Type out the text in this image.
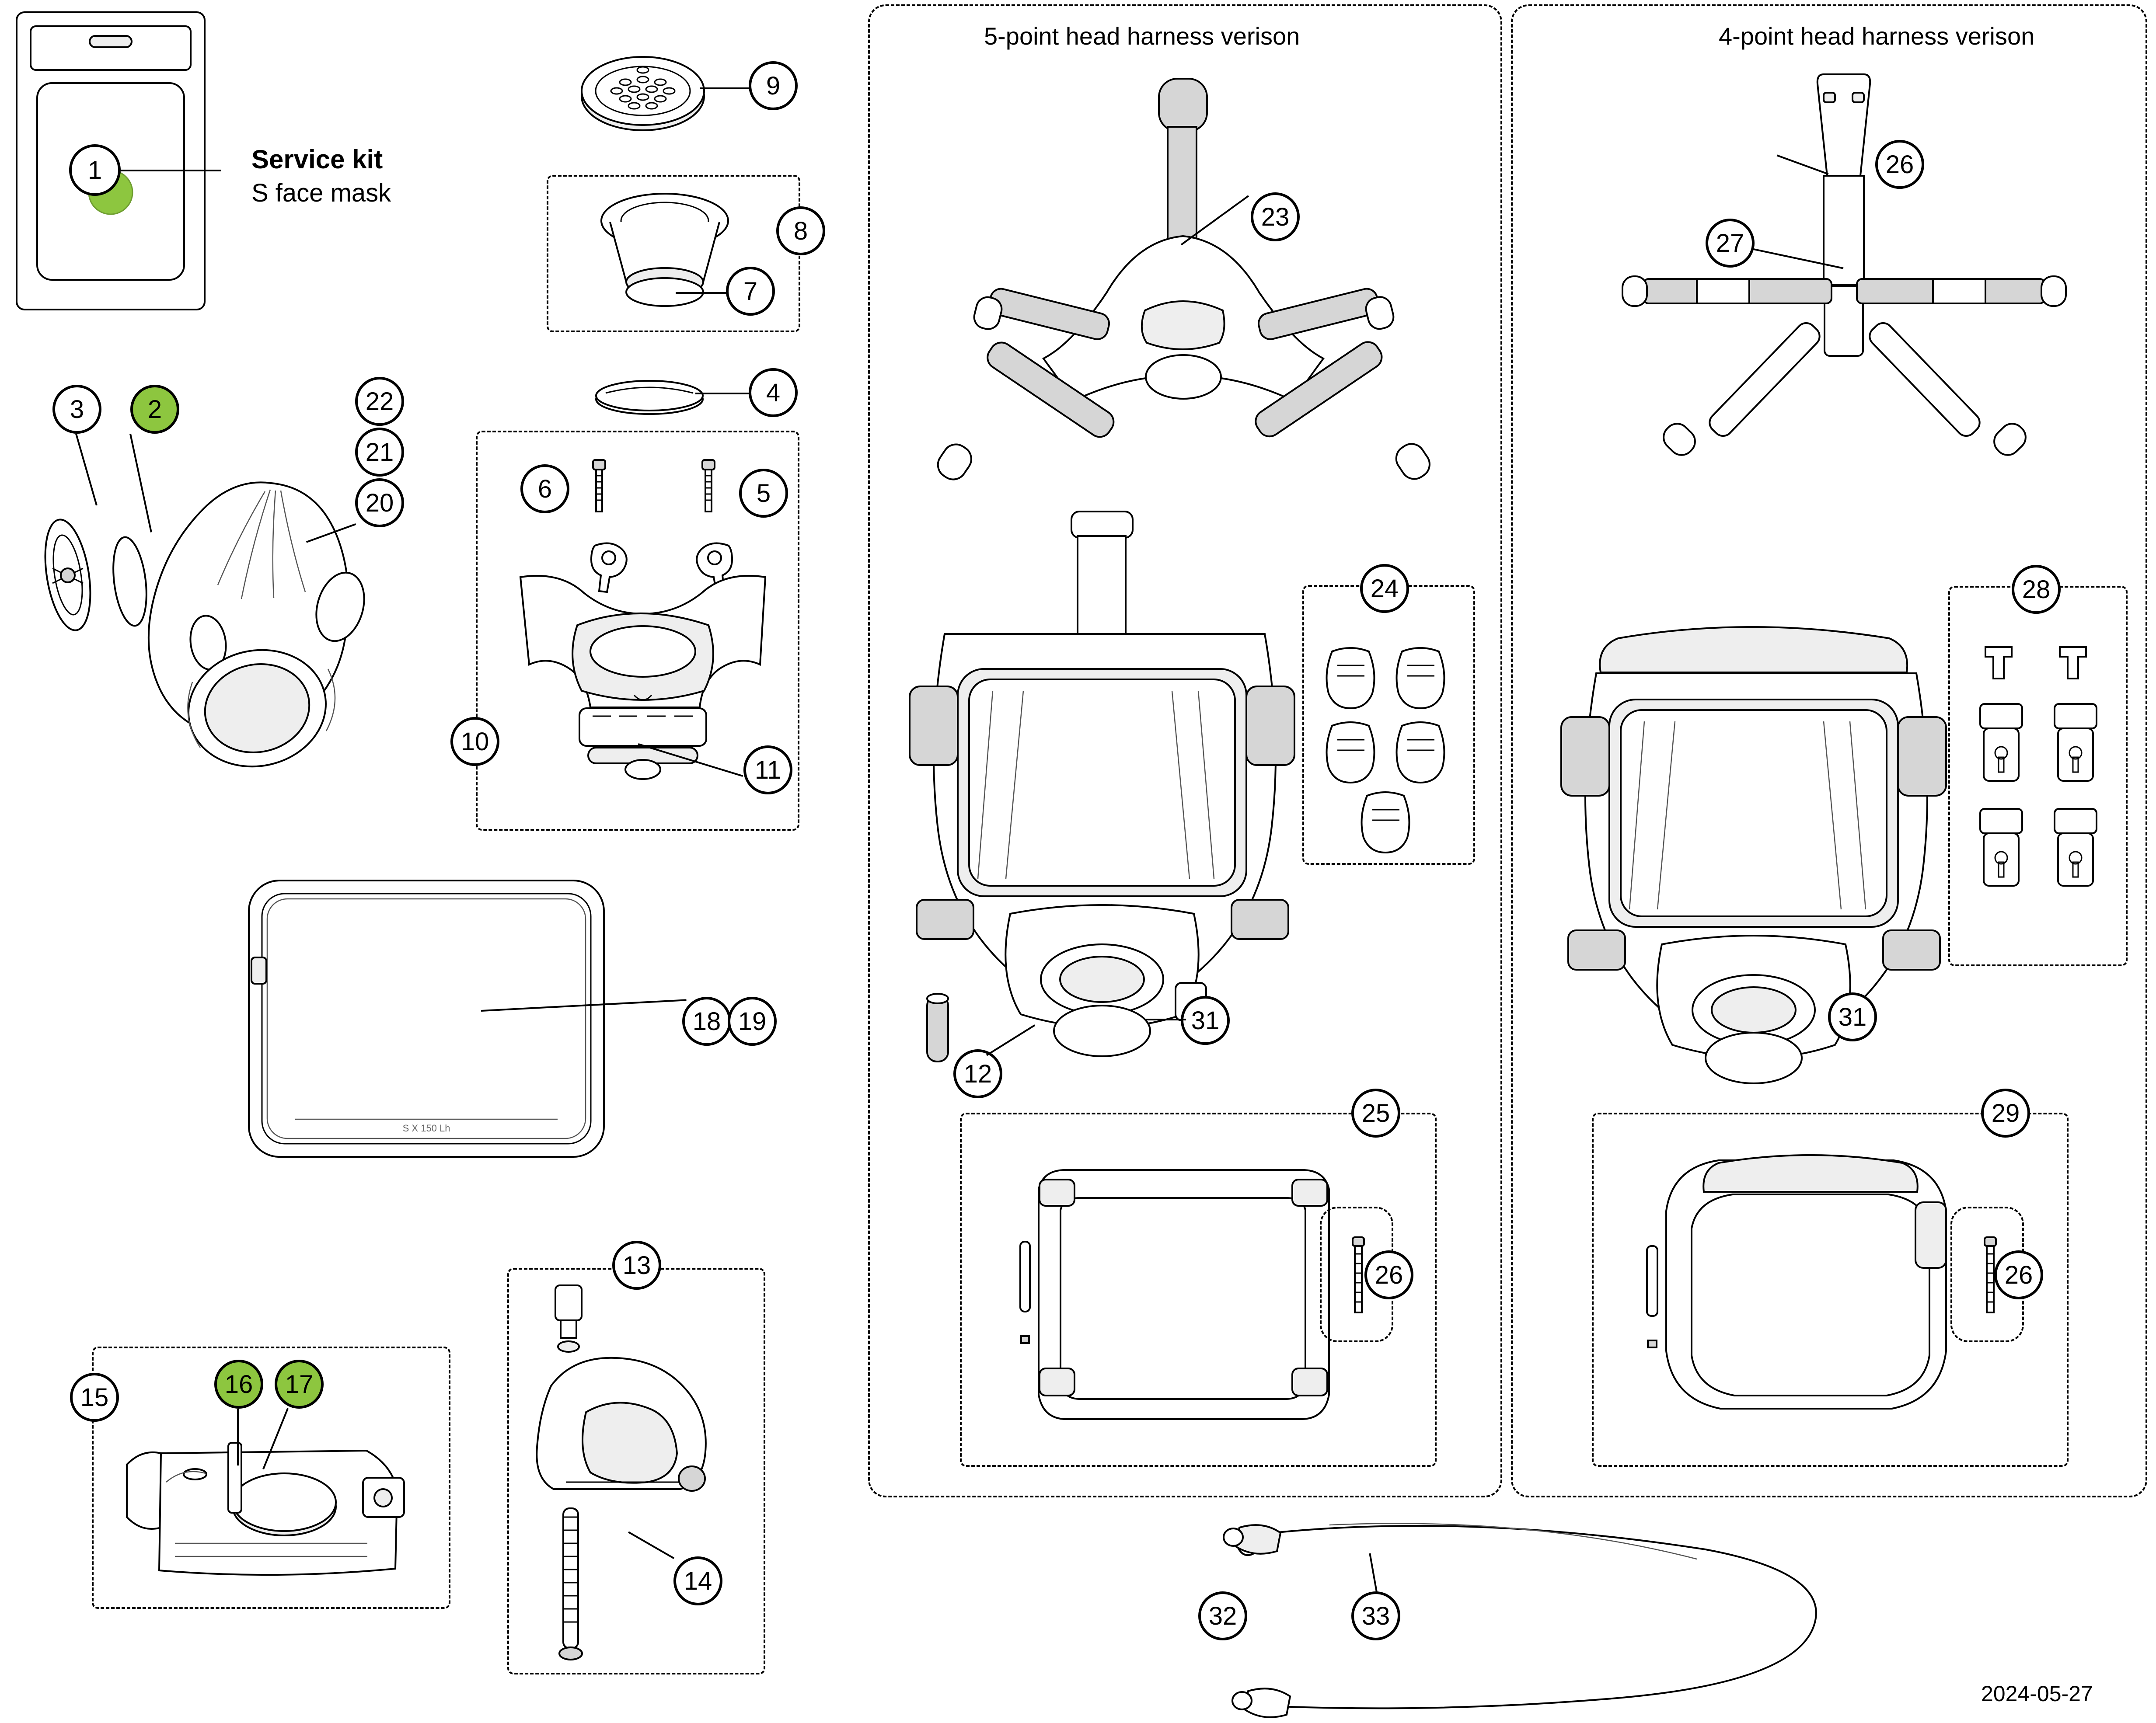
1	Service kit
S face mask
9
8
7
4
6	5
10
11
3	2	22
21
20
S X 150 Lh
18 19
15	16	17
13
14
5-point head harness verison
23
31
12
24
25
26
4-point head harness verison
26
27
31
28
29
26
32	33
2024-05-27
